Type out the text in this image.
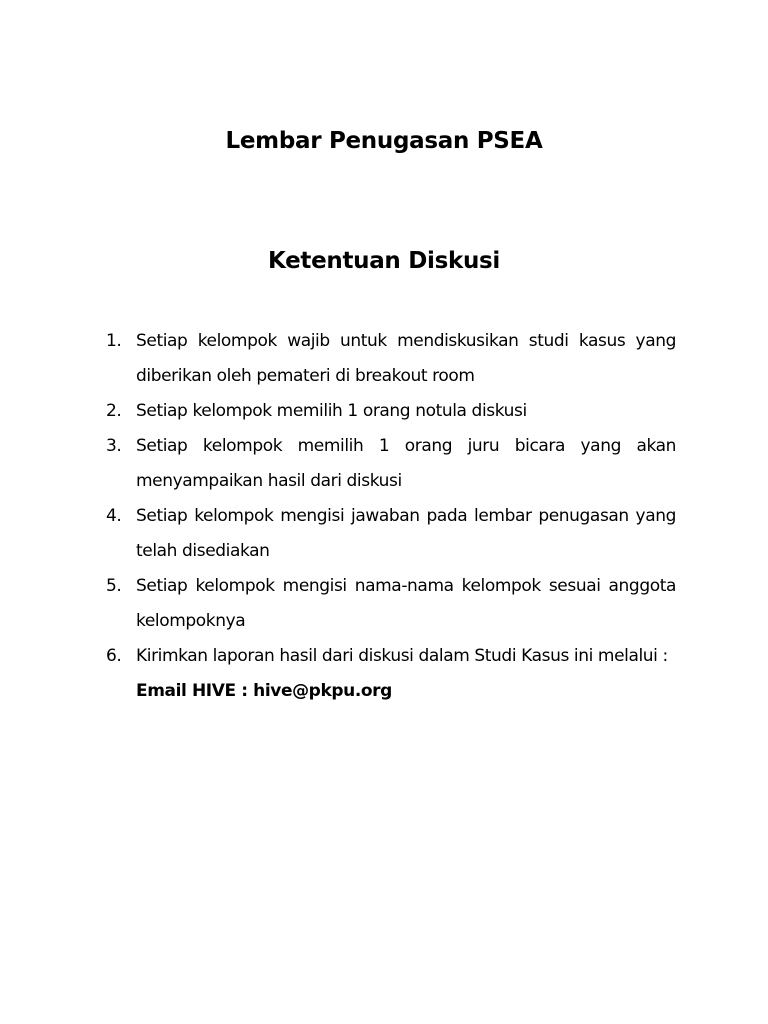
Lembar Penugasan PSEA
Ketentuan Diskusi
1. Setiap kelompok wajib untuk mendiskusikan studi kasus yang diberikan oleh pemateri di breakout room
2. Setiap kelompok memilih 1 orang notula diskusi
3. Setiap kelompok memilih 1 orang juru bicara yang akan menyampaikan hasil dari diskusi
4. Setiap kelompok mengisi jawaban pada lembar penugasan yang telah disediakan
5. Setiap kelompok mengisi nama-nama kelompok sesuai anggota kelompoknya
6. Kirimkan laporan hasil dari diskusi dalam Studi Kasus ini melalui :
Email HIVE : hive@pkpu.org
